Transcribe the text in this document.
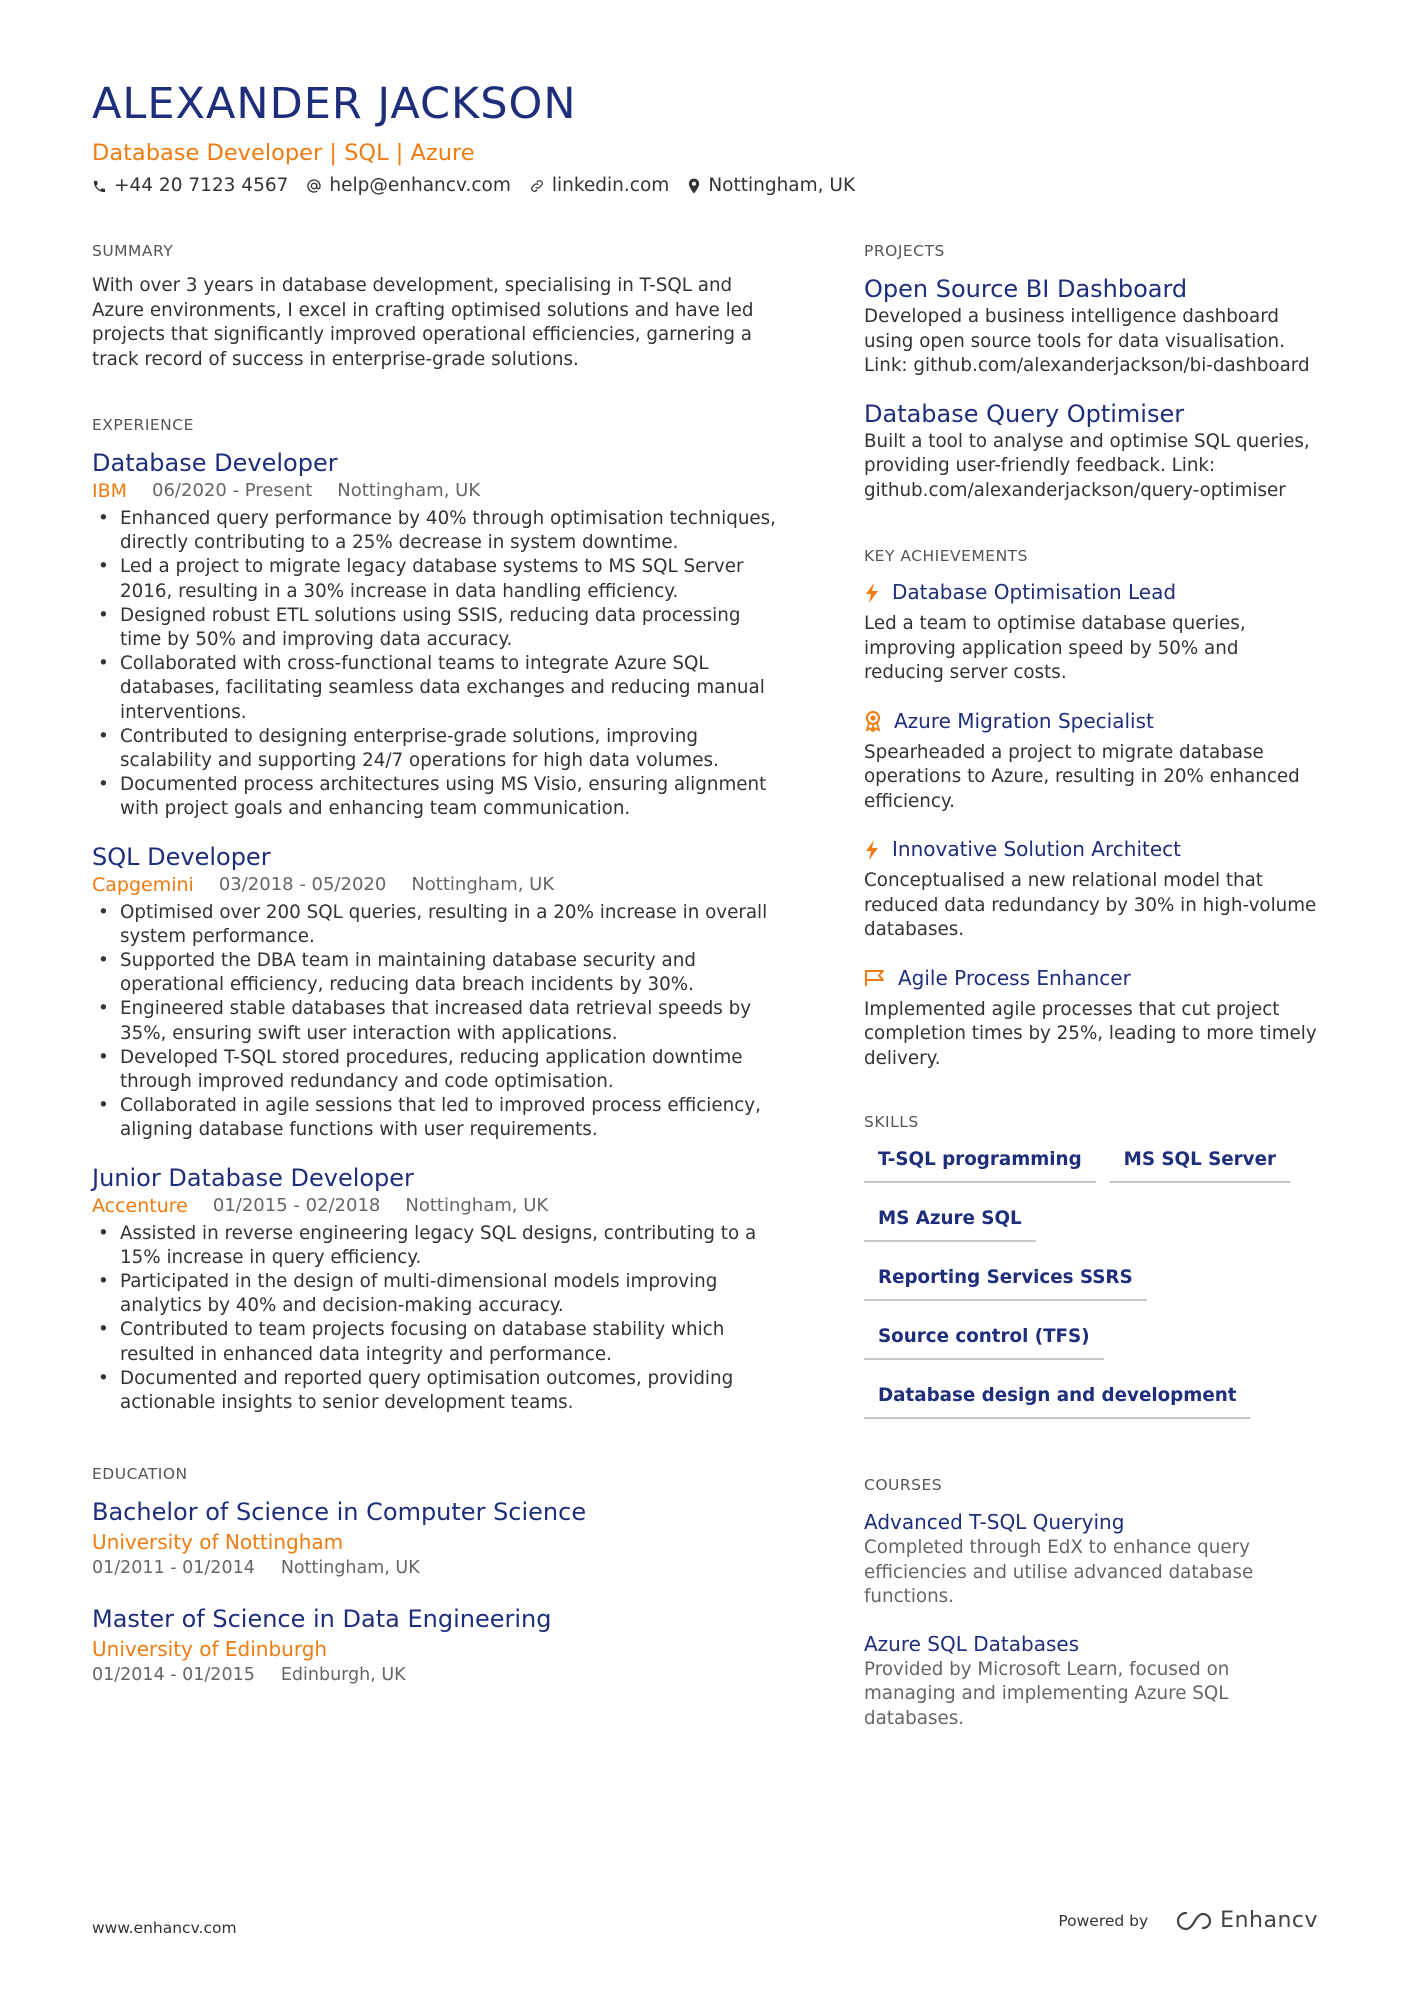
ALEXANDER JACKSON
Database Developer | SQL | Azure
+44 20 7123 4567 help@enhancv.com linkedin.com Nottingham, UK
SUMMARY

With over 3 years in database development, specialising in T-SQL and Azure environments, I excel in crafting optimised solutions and have led projects that significantly improved operational efficiencies, garnering a track record of success in enterprise-grade solutions.

EXPERIENCE
Database Developer
IBM 06/2020 - Present Nottingham, UK
• Enhanced query performance by 40% through optimisation techniques, directly contributing to a 25% decrease in system downtime.
• Led a project to migrate legacy database systems to MS SQL Server 2016, resulting in a 30% increase in data handling efficiency.
• Designed robust ETL solutions using SSIS, reducing data processing time by 50% and improving data accuracy.
• Collaborated with cross-functional teams to integrate Azure SQL databases, facilitating seamless data exchanges and reducing manual interventions.
• Contributed to designing enterprise-grade solutions, improving scalability and supporting 24/7 operations for high data volumes.
• Documented process architectures using MS Visio, ensuring alignment with project goals and enhancing team communication.
SQL Developer
Capgemini 03/2018 - 05/2020 Nottingham, UK
• Optimised over 200 SQL queries, resulting in a 20% increase in overall system performance.
• Supported the DBA team in maintaining database security and operational efficiency, reducing data breach incidents by 30%.
• Engineered stable databases that increased data retrieval speeds by 35%, ensuring swift user interaction with applications.
• Developed T-SQL stored procedures, reducing application downtime through improved redundancy and code optimisation.
• Collaborated in agile sessions that led to improved process efficiency, aligning database functions with user requirements.
Junior Database Developer
Accenture 01/2015 - 02/2018 Nottingham, UK
• Assisted in reverse engineering legacy SQL designs, contributing to a 15% increase in query efficiency.
• Participated in the design of multi-dimensional models improving analytics by 40% and decision-making accuracy.
• Contributed to team projects focusing on database stability which resulted in enhanced data integrity and performance.
• Documented and reported query optimisation outcomes, providing actionable insights to senior development teams.
EDUCATION
Bachelor of Science in Computer Science
University of Nottingham
01/2011 - 01/2014 Nottingham, UK
Master of Science in Data Engineering
University of Edinburgh
01/2014 - 01/2015 Edinburgh, UK
PROJECTS
Open Source BI Dashboard

Developed a business intelligence dashboard using open source tools for data visualisation. Link: github.com/alexanderjackson/bi-dashboard

Database Query Optimiser

Built a tool to analyse and optimise SQL queries, providing user-friendly feedback. Link: github.com/alexanderjackson/query-optimiser

KEY ACHIEVEMENTS
Database Optimisation Lead

Led a team to optimise database queries, improving application speed by 50% and reducing server costs.

Azure Migration Specialist

Spearheaded a project to migrate database operations to Azure, resulting in 20% enhanced efficiency.

Innovative Solution Architect

Conceptualised a new relational model that reduced data redundancy by 30% in high-volume databases.

Agile Process Enhancer

Implemented agile processes that cut project completion times by 25%, leading to more timely delivery.

SKILLS
T-SQL programming	MS SQL Server
MS Azure SQL
Reporting Services SSRS
Source control (TFS)
Database design and development
COURSES
Advanced T-SQL Querying

Completed through EdX to enhance query efficiencies and utilise advanced database functions.

Azure SQL Databases

Provided by Microsoft Learn, focused on managing and implementing Azure SQL databases.

www.enhancv.com	Powered by	Enhancv
